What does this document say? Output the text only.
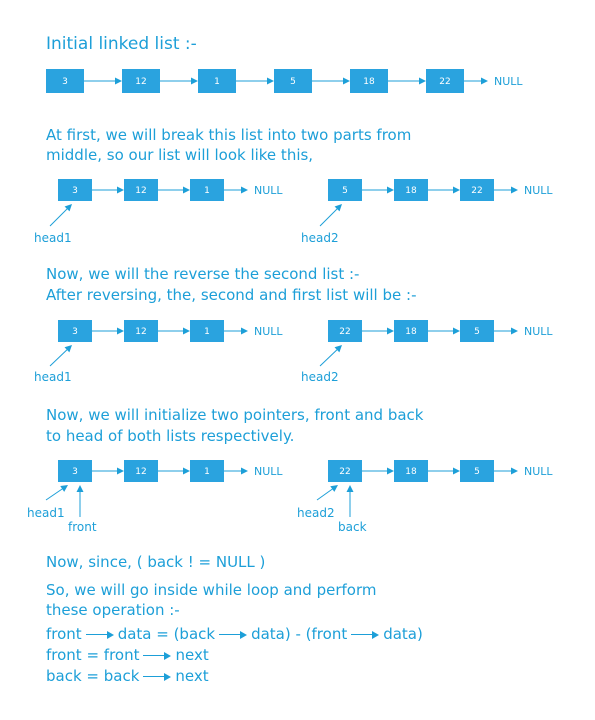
Initial linked list :-
At first, we will break this list into two parts from
middle, so our list will look like this,
Now, we will the reverse the second list :-
After reversing, the, second and first list will be :-
Now, we will initialize two pointers, front and back
to head of both lists respectively.
Now, since, ( back ! = NULL )
So, we will go inside while loop and perform
these operation :-
front data = (back data) - (front data)
front = front next
back = back next
3	12	1	5	18	22	NULL
3	12	1	NULL	5	18	22	NULL
head1	head2
3	12	1	NULL	22	18	5	NULL
head1	head2
3	12	1	NULL	22	18	5	NULL
head1
front
head2
back
